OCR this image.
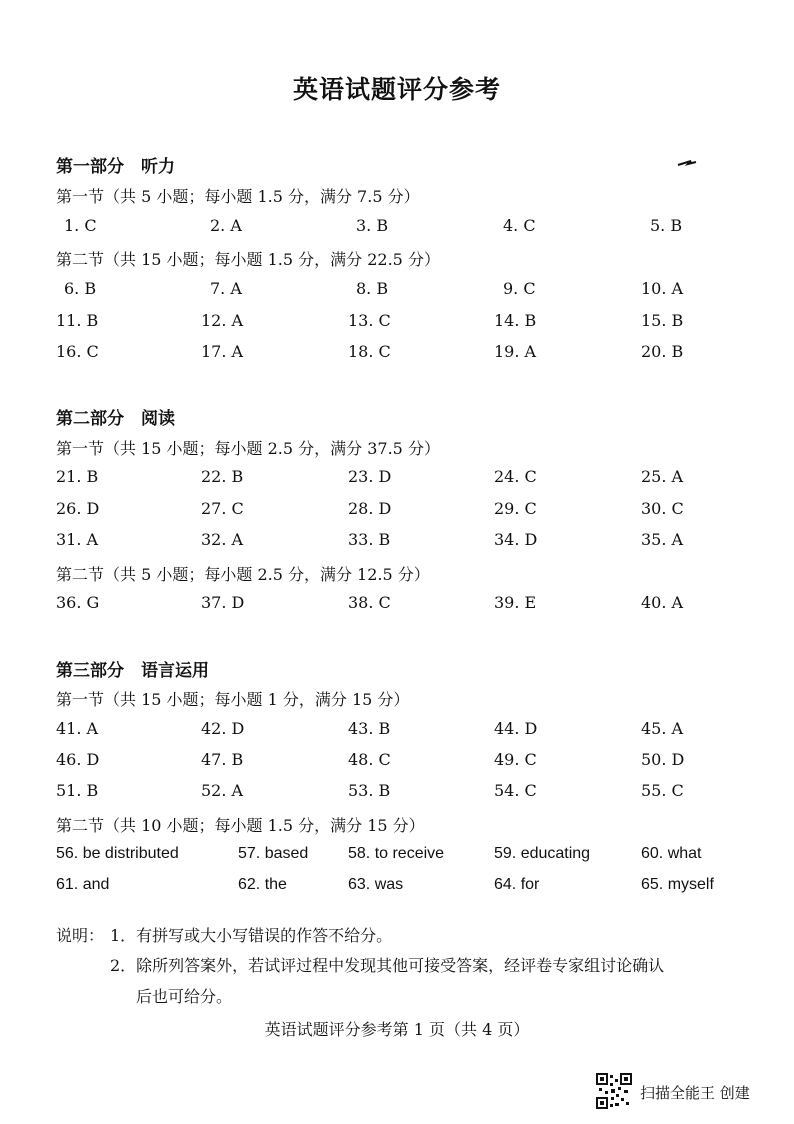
英语试题评分参考
第一部分　听力
第一节（共 5 小题；每小题 1.5 分，满分 7.5 分）
1. C	2. A	3. B	4. C	5. B
第二节（共 15 小题；每小题 1.5 分，满分 22.5 分）
6. B	7. A	8. B	9. C	10. A
11. B	12. A	13. C	14. B	15. B
16. C	17. A	18. C	19. A	20. B
第二部分　阅读
第一节（共 15 小题；每小题 2.5 分，满分 37.5 分）
21. B	22. B	23. D	24. C	25. A
26. D	27. C	28. D	29. C	30. C
31. A	32. A	33. B	34. D	35. A
第二节（共 5 小题；每小题 2.5 分，满分 12.5 分）
36. G	37. D	38. C	39. E	40. A
第三部分　语言运用
第一节（共 15 小题；每小题 1 分，满分 15 分）
41. A	42. D	43. B	44. D	45. A
46. D	47. B	48. C	49. C	50. D
51. B	52. A	53. B	54. C	55. C
第二节（共 10 小题；每小题 1.5 分，满分 15 分）
56. be distributed	57. based 58. to receive	59. educating	60. what
61. and	62. the	63. was	64. for	65. myself
说明： 1．有拼写或大小写错误的作答不给分。
2．除所列答案外，若试评过程中发现其他可接受答案，经评卷专家组讨论确认
后也可给分。
英语试题评分参考第 1 页（共 4 页）
扫描全能王 创建
